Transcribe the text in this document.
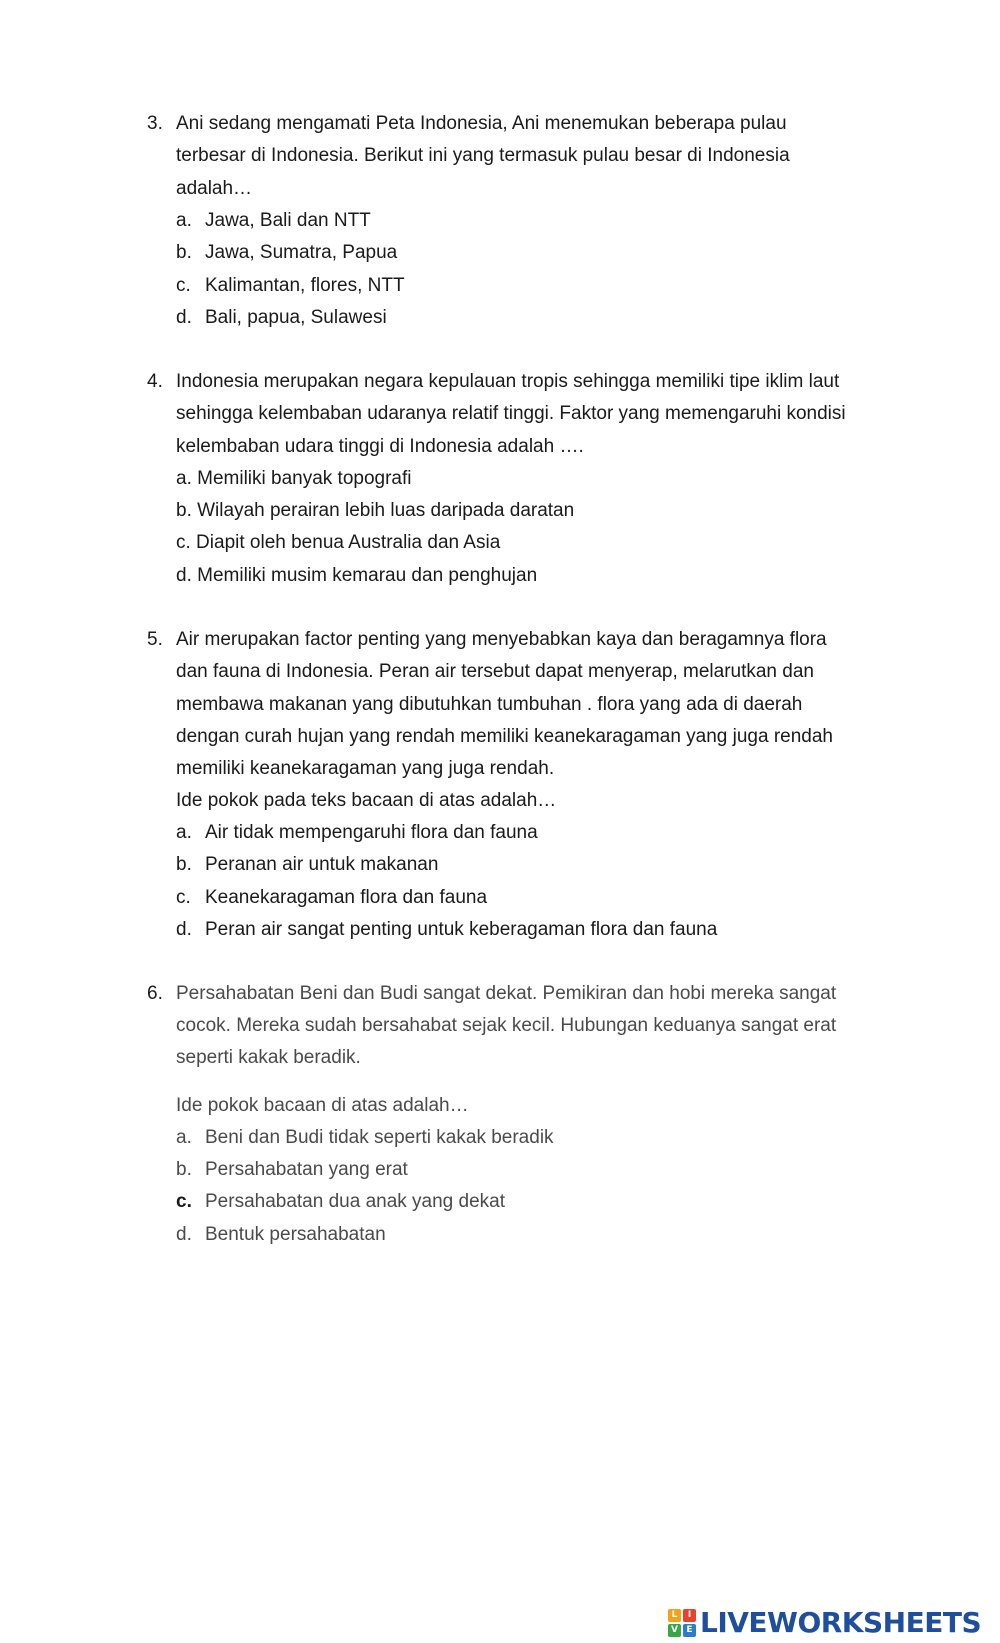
3. Ani sedang mengamati Peta Indonesia, Ani menemukan beberapa pulau

terbesar di Indonesia. Berikut ini yang termasuk pulau besar di Indonesia

adalah…

a. Jawa, Bali dan NTT

b. Jawa, Sumatra, Papua

c. Kalimantan, flores, NTT

d. Bali, papua, Sulawesi

4. Indonesia merupakan negara kepulauan tropis sehingga memiliki tipe iklim laut

sehingga kelembaban udaranya relatif tinggi. Faktor yang memengaruhi kondisi

kelembaban udara tinggi di Indonesia adalah ….

a. Memiliki banyak topografi

b. Wilayah perairan lebih luas daripada daratan

c. Diapit oleh benua Australia dan Asia

d. Memiliki musim kemarau dan penghujan

5. Air merupakan factor penting yang menyebabkan kaya dan beragamnya flora

dan fauna di Indonesia. Peran air tersebut dapat menyerap, melarutkan dan

membawa makanan yang dibutuhkan tumbuhan . flora yang ada di daerah

dengan curah hujan yang rendah memiliki keanekaragaman yang juga rendah

memiliki keanekaragaman yang juga rendah.

Ide pokok pada teks bacaan di atas adalah…

a. Air tidak mempengaruhi flora dan fauna

b. Peranan air untuk makanan

c. Keanekaragaman flora dan fauna

d. Peran air sangat penting untuk keberagaman flora dan fauna

6. Persahabatan Beni dan Budi sangat dekat. Pemikiran dan hobi mereka sangat

cocok. Mereka sudah bersahabat sejak kecil. Hubungan keduanya sangat erat

seperti kakak beradik.

Ide pokok bacaan di atas adalah…

a. Beni dan Budi tidak seperti kakak beradik

b. Persahabatan yang erat

c. Persahabatan dua anak yang dekat

d. Bentuk persahabatan

L	I
V E LIVEWORKSHEETS
